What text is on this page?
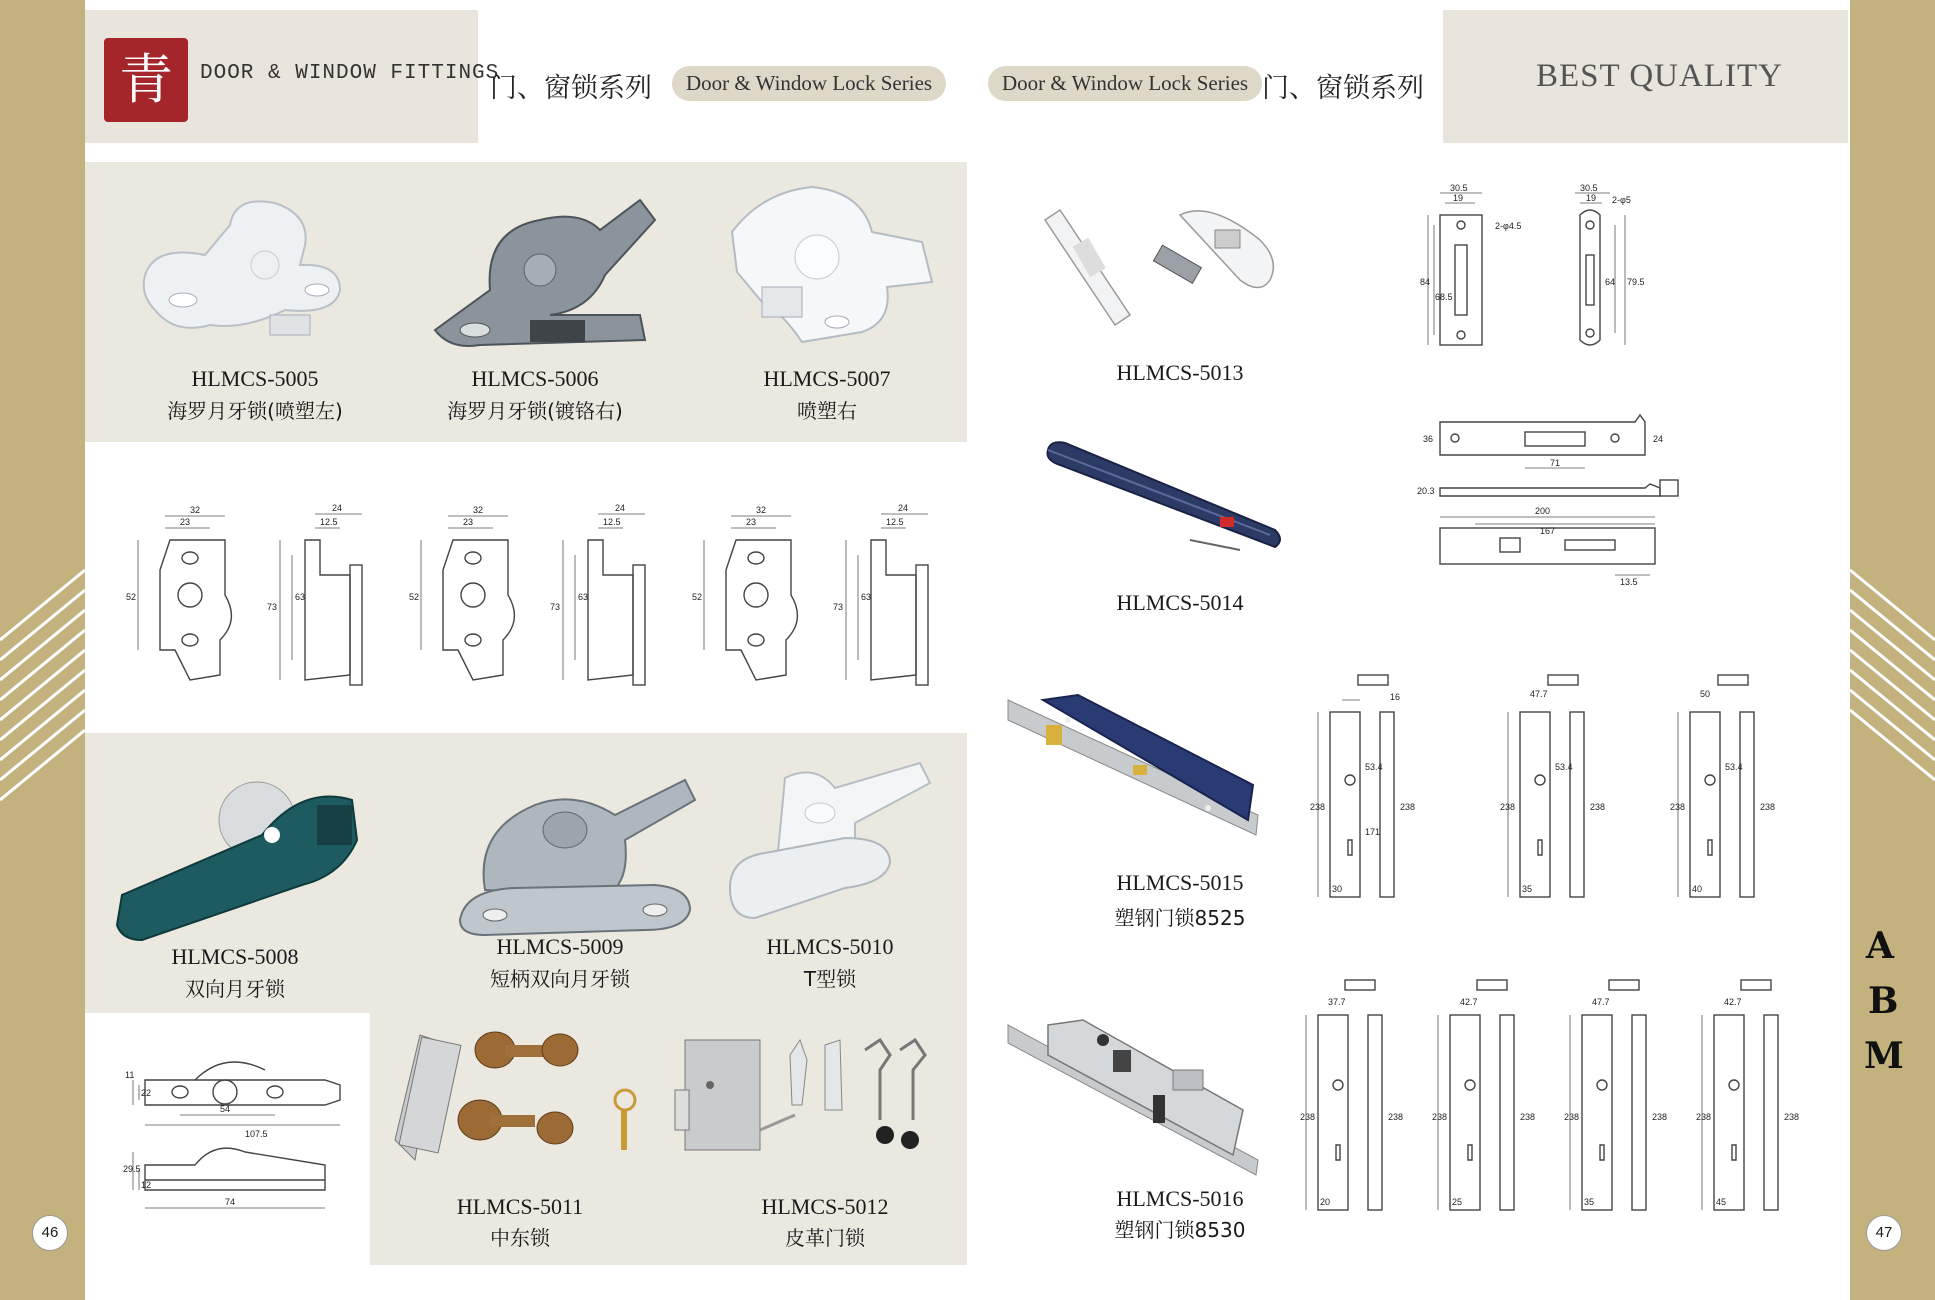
青	DOOR & WINDOW FITTINGS
门、窗锁系列	Door & Window Lock Series	Door & Window Lock Series 门、窗锁系列	BEST QUALITY
HLMCS-5005
海罗月牙锁(喷塑左)
HLMCS-5006
海罗月牙锁(镀铬右)
HLMCS-5007
喷塑右
32
23
52
24
12.5
73
63
32
23
52
24
12.5
73
63
32
23
52
24
12.5
73
63
HLMCS-5008
双向月牙锁
HLMCS-5009
短柄双向月牙锁
HLMCS-5010
T型锁
107.5
54
11
22
74
29.5
12
HLMCS-5011
中东锁
HLMCS-5012
皮革门锁
46
HLMCS-5013
HLMCS-5014
HLMCS-5015
塑钢门锁8525
HLMCS-5016
塑钢门锁8530
30.5
19
84
68.5
2-φ4.5
30.5
19
64 79.5
2-φ5
71
36	24
20.3
200
167
13.5
238	238
16
53.4
171
30
47.7
238	238
53.4
35
50
238	238
53.4
40
37.7
238	238
20
42.7
238	238
25
47.7
238	238
35
42.7
238	238
45
A
B
M
47
